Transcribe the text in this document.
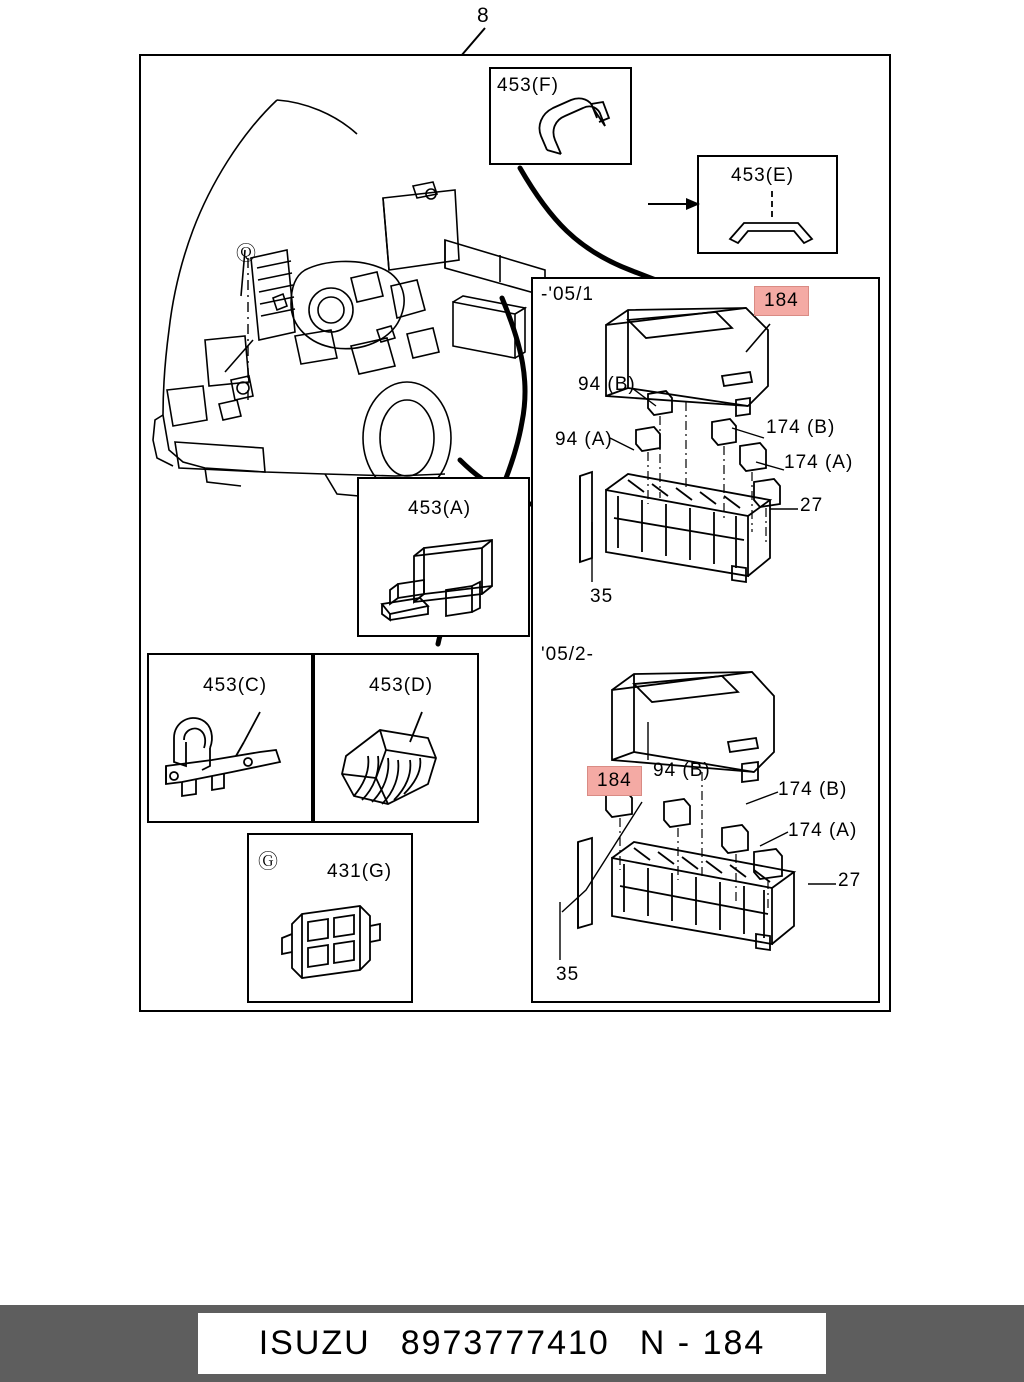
8
Ⓠ
453(F)
453(E)
453(A)
453(C)	453(D)
Ⓖ	431(G)
-'05/1	184
94 (B)
94 (A)
174 (B)
174 (A)
27
35
'05/2-
184	94 (B)
174 (B)
174 (A)
27
35
ISUZU 8973777410 N - 184
